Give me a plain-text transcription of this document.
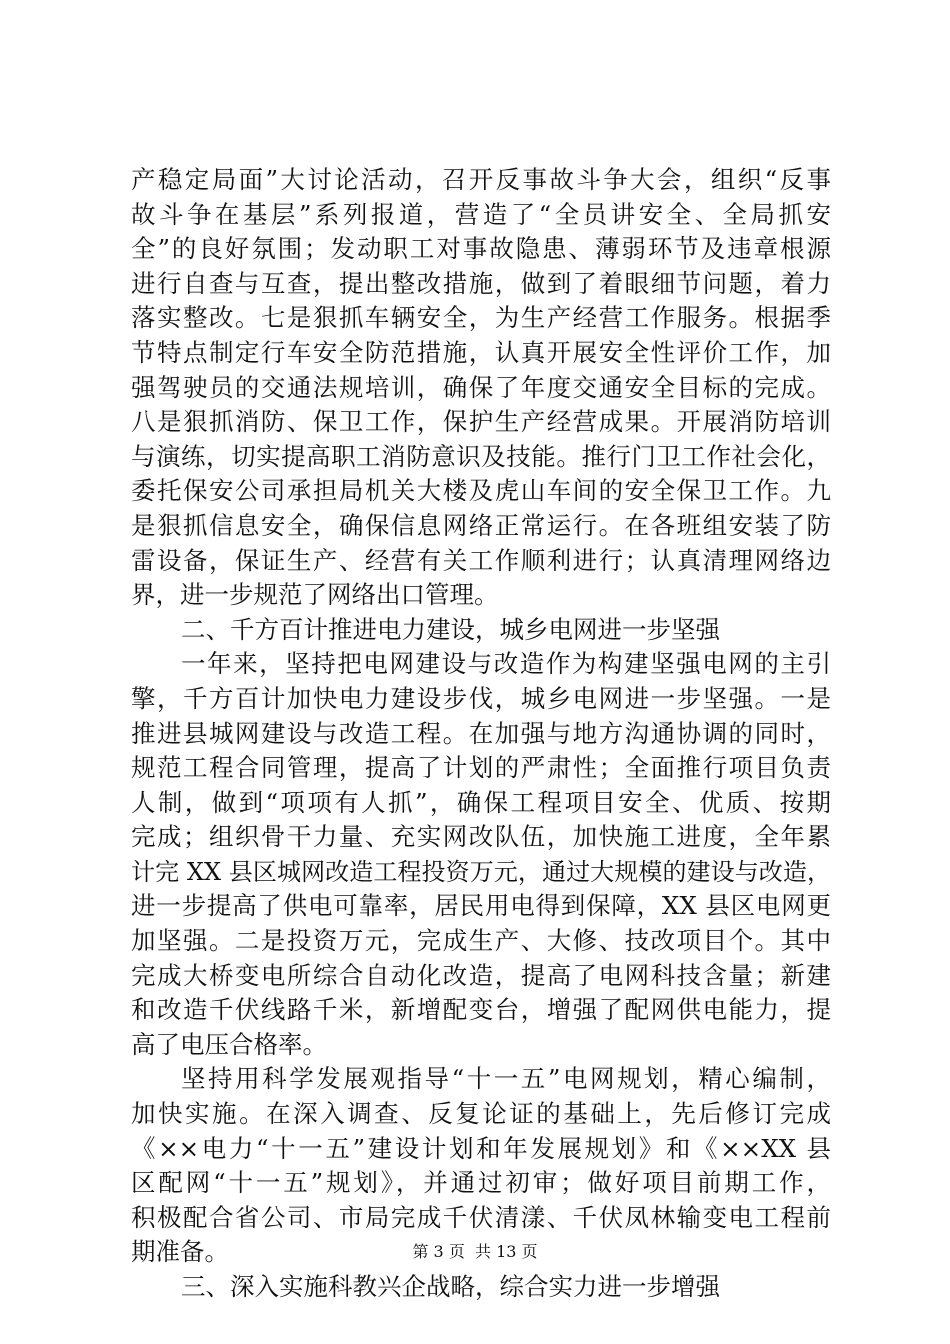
产稳定局面”大讨论活动，召开反事故斗争大会，组织“反事
故斗争在基层”系列报道，营造了“全员讲安全、全局抓安
全”的良好氛围；发动职工对事故隐患、薄弱环节及违章根源
进行自查与互查，提出整改措施，做到了着眼细节问题，着力
落实整改。七是狠抓车辆安全，为生产经营工作服务。根据季
节特点制定行车安全防范措施，认真开展安全性评价工作，加
强驾驶员的交通法规培训，确保了年度交通安全目标的完成。
八是狠抓消防、保卫工作，保护生产经营成果。开展消防培训
与演练，切实提高职工消防意识及技能。推行门卫工作社会化，
委托保安公司承担局机关大楼及虎山车间的安全保卫工作。九
是狠抓信息安全，确保信息网络正常运行。在各班组安装了防
雷设备，保证生产、经营有关工作顺利进行；认真清理网络边
界，进一步规范了网络出口管理。
二、千方百计推进电力建设，城乡电网进一步坚强
一年来，坚持把电网建设与改造作为构建坚强电网的主引
擎，千方百计加快电力建设步伐，城乡电网进一步坚强。一是
推进县城网建设与改造工程。在加强与地方沟通协调的同时，
规范工程合同管理，提高了计划的严肃性；全面推行项目负责
人制，做到“项项有人抓”，确保工程项目安全、优质、按期
完成；组织骨干力量、充实网改队伍，加快施工进度，全年累
计完 XX 县区城网改造工程投资万元，通过大规模的建设与改造，
进一步提高了供电可靠率，居民用电得到保障，XX 县区电网更
加坚强。二是投资万元，完成生产、大修、技改项目个。其中
完成大桥变电所综合自动化改造，提高了电网科技含量；新建
和改造千伏线路千米，新增配变台，增强了配网供电能力，提
高了电压合格率。
坚持用科学发展观指导“十一五”电网规划，精心编制，
加快实施。在深入调查、反复论证的基础上，先后修订完成
《××电力“十一五”建设计划和年发展规划》和《××XX 县
区配网“十一五”规划》，并通过初审；做好项目前期工作，
积极配合省公司、市局完成千伏清漾、千伏凤林输变电工程前
期准备。
三、深入实施科教兴企战略，综合实力进一步增强
第 3 页  共 13 页
